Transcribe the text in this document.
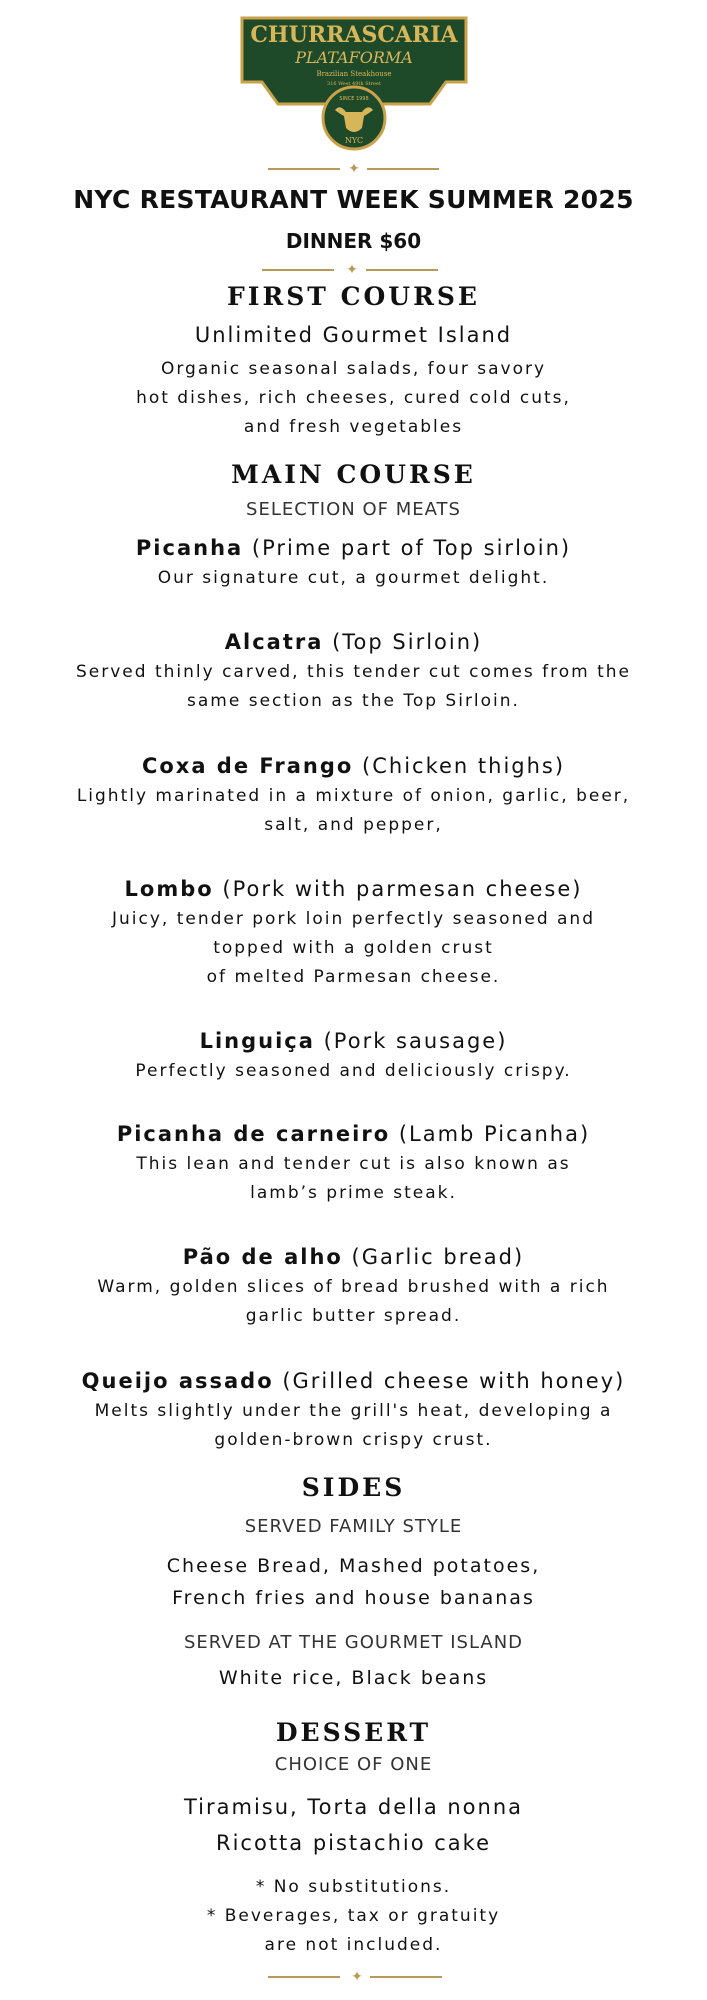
CHURRASCARIA
PLATAFORMA
Brazilian Steakhouse
316 West 49th Street
SINCE 1998
NYC
✦
NYC RESTAURANT WEEK SUMMER 2025
DINNER $60
✦
FIRST COURSE
Unlimited Gourmet Island
Organic seasonal salads, four savory
hot dishes, rich cheeses, cured cold cuts,
and fresh vegetables
MAIN COURSE
SELECTION OF MEATS
Picanha (Prime part of Top sirloin)
Our signature cut, a gourmet delight.
Alcatra (Top Sirloin)
Served thinly carved, this tender cut comes from the
same section as the Top Sirloin.
Coxa de Frango (Chicken thighs)
Lightly marinated in a mixture of onion, garlic, beer,
salt, and pepper,
Lombo (Pork with parmesan cheese)
Juicy, tender pork loin perfectly seasoned and
topped with a golden crust
of melted Parmesan cheese.
Linguiça (Pork sausage)
Perfectly seasoned and deliciously crispy.
Picanha de carneiro (Lamb Picanha)
This lean and tender cut is also known as
lamb’s prime steak.
Pão de alho (Garlic bread)
Warm, golden slices of bread brushed with a rich
garlic butter spread.
Queijo assado (Grilled cheese with honey)
Melts slightly under the grill's heat, developing a
golden-brown crispy crust.
SIDES
SERVED FAMILY STYLE
Cheese Bread, Mashed potatoes,
French fries and house bananas
SERVED AT THE GOURMET ISLAND
White rice, Black beans
DESSERT
CHOICE OF ONE
Tiramisu, Torta della nonna
Ricotta pistachio cake
* No substitutions.
* Beverages, tax or gratuity
are not included.
✦
